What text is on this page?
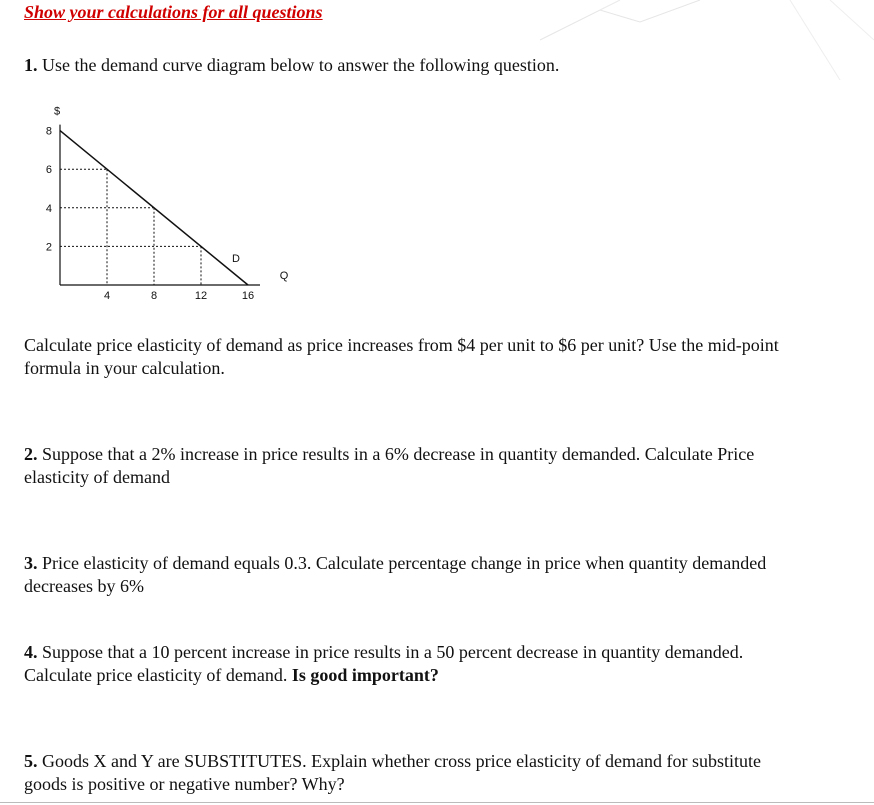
Show your calculations for all questions
1. Use the demand curve diagram below to answer the following question.
$
Q
8
6
4
2
4	8	12	16
D
Calculate price elasticity of demand as price increases from $4 per unit to $6 per unit? Use the mid-point formula in your calculation.
2. Suppose that a 2% increase in price results in a 6% decrease in quantity demanded. Calculate Price elasticity of demand
3. Price elasticity of demand equals 0.3. Calculate percentage change in price when quantity demanded decreases by 6%
4. Suppose that a 10 percent increase in price results in a 50 percent decrease in quantity demanded. Calculate price elasticity of demand. Is good important?
5. Goods X and Y are SUBSTITUTES. Explain whether cross price elasticity of demand for substitute goods is positive or negative number? Why?
